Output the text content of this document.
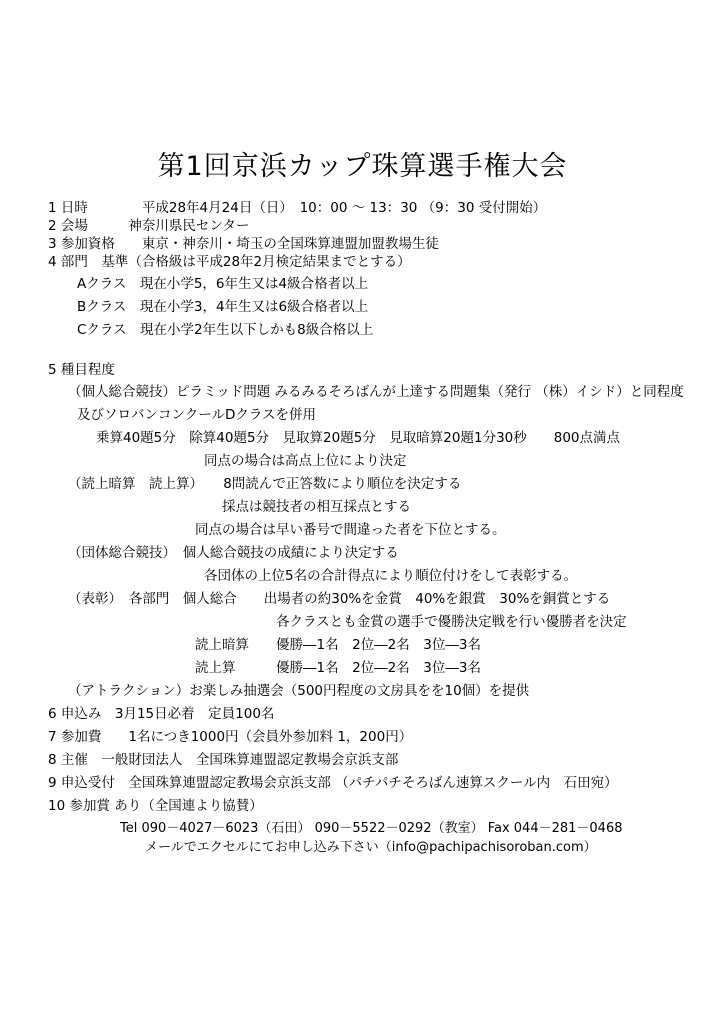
第1回京浜カップ珠算選手権大会
1 日時　　　　平成28年4月24日（日）　10：00 ～ 13：30 （9：30 受付開始）
2 会場　　　神奈川県民センター
3 参加資格　　東京・神奈川・埼玉の全国珠算連盟加盟教場生徒
4 部門　基準（合格級は平成28年2月検定結果までとする）
Aクラス　現在小学5，6年生又は4級合格者以上
Bクラス　現在小学3，4年生又は6級合格者以上
Cクラス　現在小学2年生以下しかも8級合格以上
5 種目程度
（個人総合競技）ピラミッド問題 みるみるそろばんが上達する問題集（発行 （株）イシド）と同程度
及びソロバンコンクールDクラスを併用
乗算40題5分　除算40題5分　見取算20題5分　見取暗算20題1分30秒　　800点満点
同点の場合は高点上位により決定
（読上暗算　読上算）　　8問読んで正答数により順位を決定する
採点は競技者の相互採点とする
同点の場合は早い番号で間違った者を下位とする。
（団体総合競技）　個人総合競技の成績により決定する
各団体の上位5名の合計得点により順位付けをして表彰する。
（表彰）　各部門　個人総合　　出場者の約30%を金賞　40%を銀賞　30%を銅賞とする
各クラスとも金賞の選手で優勝決定戦を行い優勝者を決定
読上暗算　　優勝―1名　2位―2名　3位―3名
読上算　　　優勝―1名　2位―2名　3位―3名
（アトラクション）お楽しみ抽選会（500円程度の文房具をを10個）を提供
6 申込み　3月15日必着　定員100名
7 参加費　　1名につき1000円（会員外参加料 1，200円）
8 主催　一般財団法人　全国珠算連盟認定教場会京浜支部
9 申込受付　全国珠算連盟認定教場会京浜支部 （パチパチそろばん速算スクール内　石田宛）
10 参加賞 あり（全国連より協賛）
Tel 090－4027－6023（石田） 090－5522－0292（教室） Fax 044－281－0468
メールでエクセルにてお申し込み下さい（info@pachipachisoroban.com）
